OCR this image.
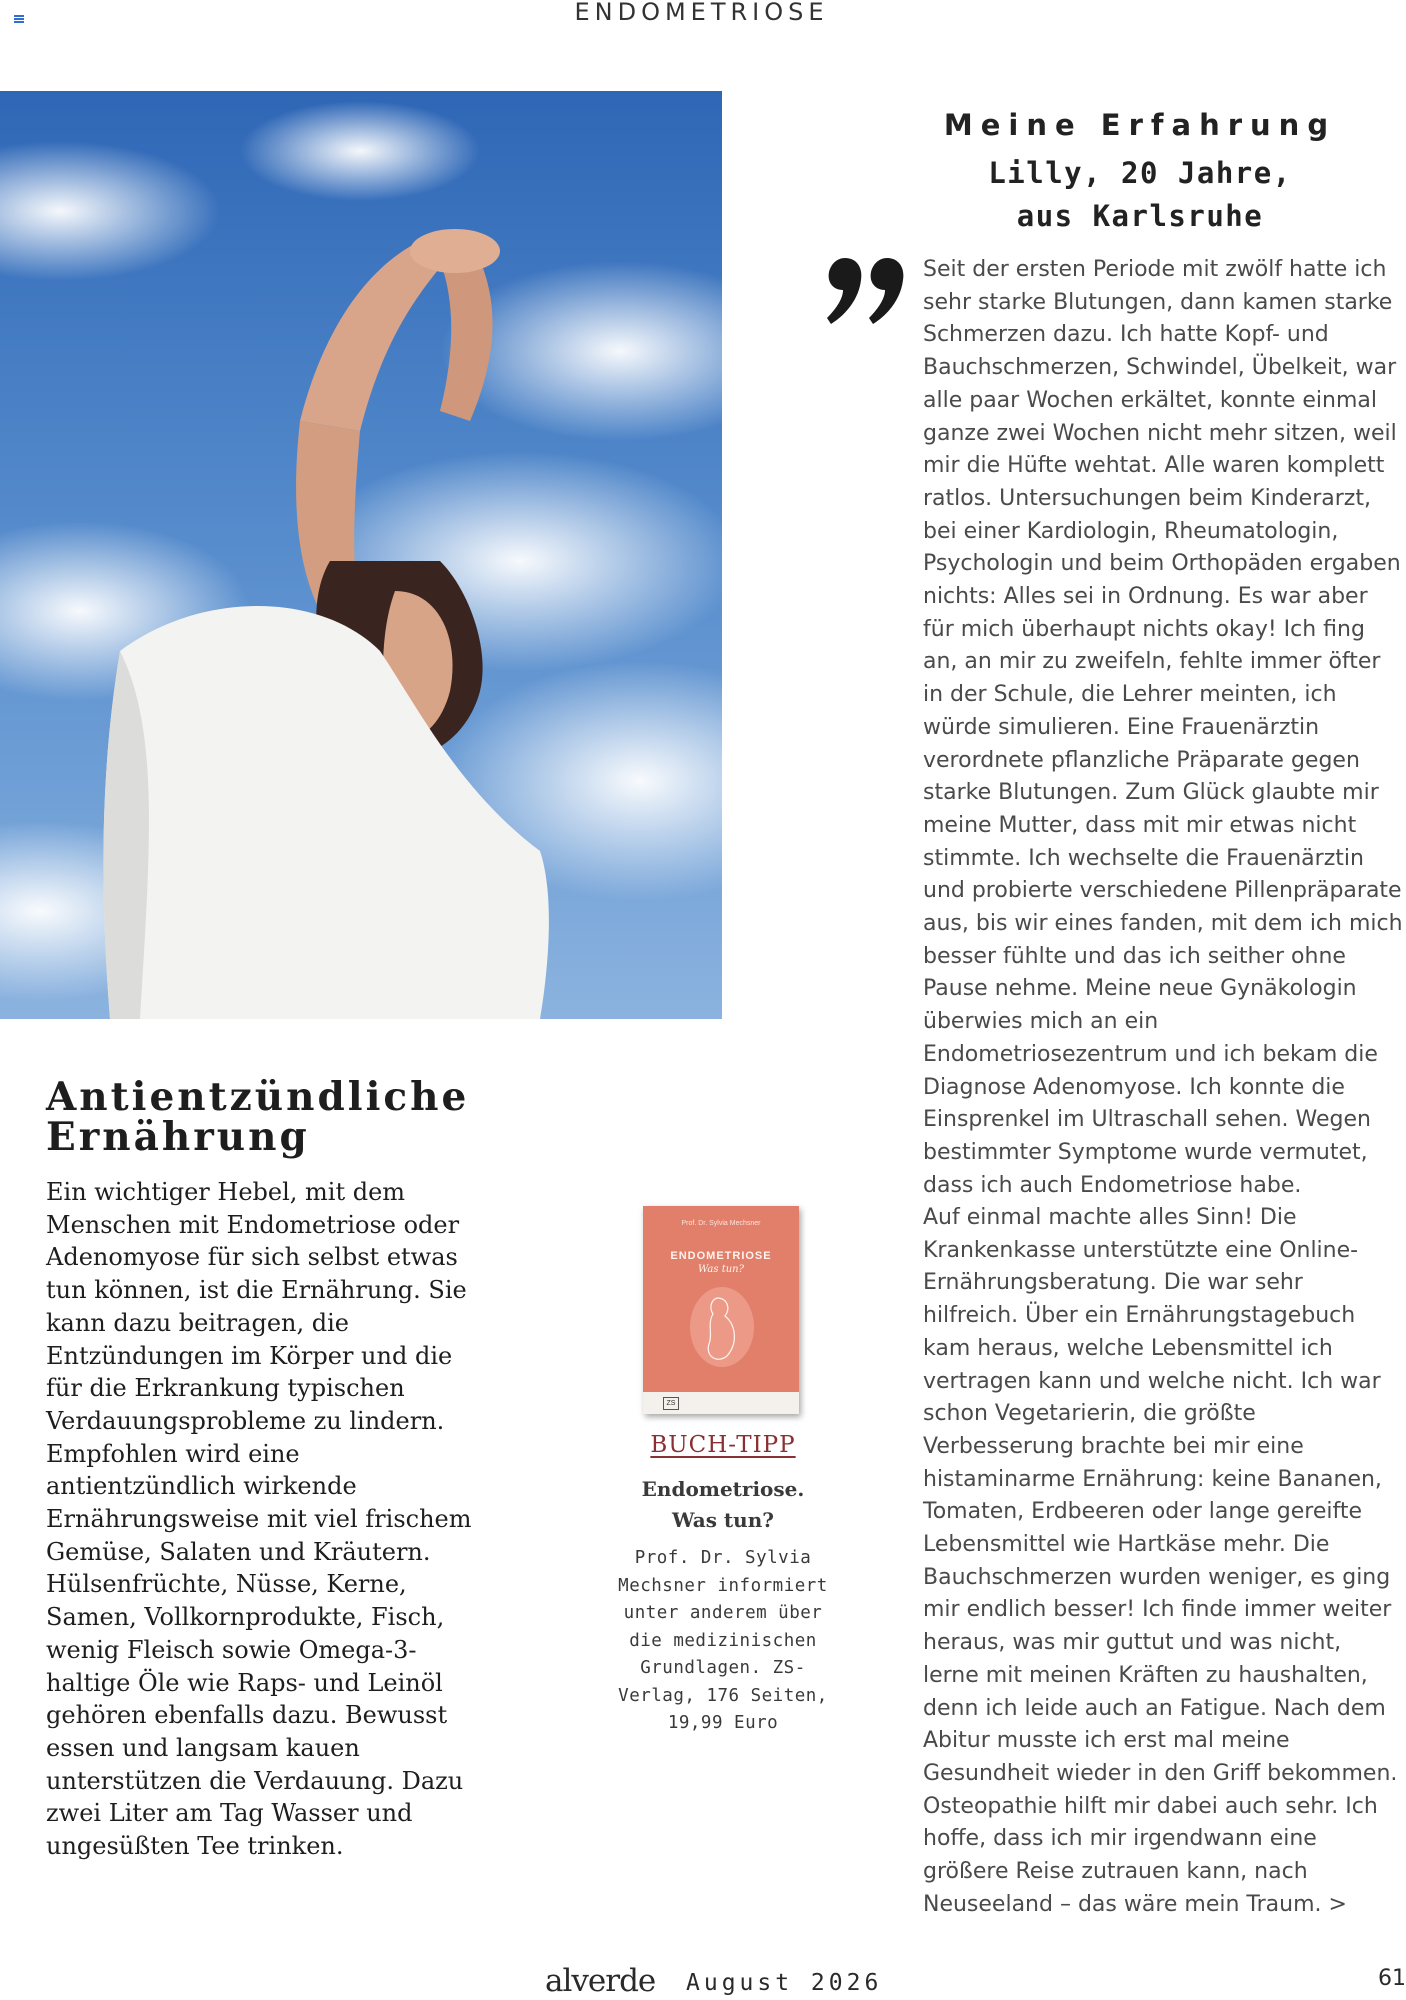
ENDOMETRIOSE
Antientzündliche
Ernährung
Ein wichtiger Hebel, mit dem Menschen mit Endometriose oder Adenomyose für sich selbst etwas tun können, ist die Ernährung. Sie kann dazu beitragen, die Entzündungen im Körper und die für die Erkrankung typischen Verdauungsprobleme zu lindern. Empfohlen wird eine antientzündlich wirkende Ernährungsweise mit viel frischem Gemüse, Salaten und Kräutern. Hülsenfrüchte, Nüsse, Kerne, Samen, Vollkornprodukte, Fisch, wenig Fleisch sowie Omega-3-haltige Öle wie Raps- und Leinöl gehören ebenfalls dazu. Bewusst essen und langsam kauen unterstützen die Verdauung. Dazu zwei Liter am Tag Wasser und ungesüßten Tee trinken.
Prof. Dr. Sylvia Mechsner
ENDOMETRIOSE
Was tun?
ZS
BUCH-TIPP
Endometriose.
Was tun?
Prof. Dr. Sylvia Mechsner informiert unter anderem über die medizinischen Grundlagen. ZS-Verlag, 176 Seiten, 19,99 Euro
Meine Erfahrung
Lilly, 20 Jahre,
aus Karlsruhe
Seit der ersten Periode mit zwölf hatte ich sehr starke Blutungen, dann kamen starke Schmerzen dazu. Ich hatte Kopf- und Bauchschmerzen, Schwindel, Übelkeit, war alle paar Wochen erkältet, konnte einmal ganze zwei Wochen nicht mehr sitzen, weil mir die Hüfte wehtat. Alle waren komplett ratlos. Untersuchungen beim Kinderarzt, bei einer Kardiologin, Rheumatologin, Psychologin und beim Orthopäden ergaben nichts: Alles sei in Ordnung. Es war aber für mich überhaupt nichts okay! Ich fing an, an mir zu zweifeln, fehlte immer öfter in der Schule, die Lehrer meinten, ich würde simulieren. Eine Frauenärztin verordnete pflanzliche Präparate gegen starke Blutungen. Zum Glück glaubte mir meine Mutter, dass mit mir etwas nicht stimmte. Ich wechselte die Frauenärztin und probierte verschiedene Pillenpräparate aus, bis wir eines fanden, mit dem ich mich besser fühlte und das ich seither ohne Pause nehme. Meine neue Gynäkologin überwies mich an ein Endometriosezentrum und ich bekam die Diagnose Adenomyose. Ich konnte die Einsprenkel im Ultraschall sehen. Wegen bestimmter Symptome wurde vermutet, dass ich auch Endometriose habe.
Auf einmal machte alles Sinn! Die Krankenkasse unterstützte eine Online-Ernährungsberatung. Die war sehr hilfreich. Über ein Ernährungstagebuch kam heraus, welche Lebensmittel ich vertragen kann und welche nicht. Ich war schon Vegetarierin, die größte Verbesserung brachte bei mir eine histaminarme Ernährung: keine Bananen, Tomaten, Erdbeeren oder lange gereifte Lebensmittel wie Hartkäse mehr. Die Bauchschmerzen wurden weniger, es ging mir endlich besser! Ich finde immer weiter heraus, was mir guttut und was nicht, lerne mit meinen Kräften zu haushalten, denn ich leide auch an Fatigue. Nach dem Abitur musste ich erst mal meine Gesundheit wieder in den Griff bekommen. Osteopathie hilft mir dabei auch sehr. Ich hoffe, dass ich mir irgendwann eine größere Reise zutrauen kann, nach Neuseeland – das wäre mein Traum. >
alverde August 2026	61
